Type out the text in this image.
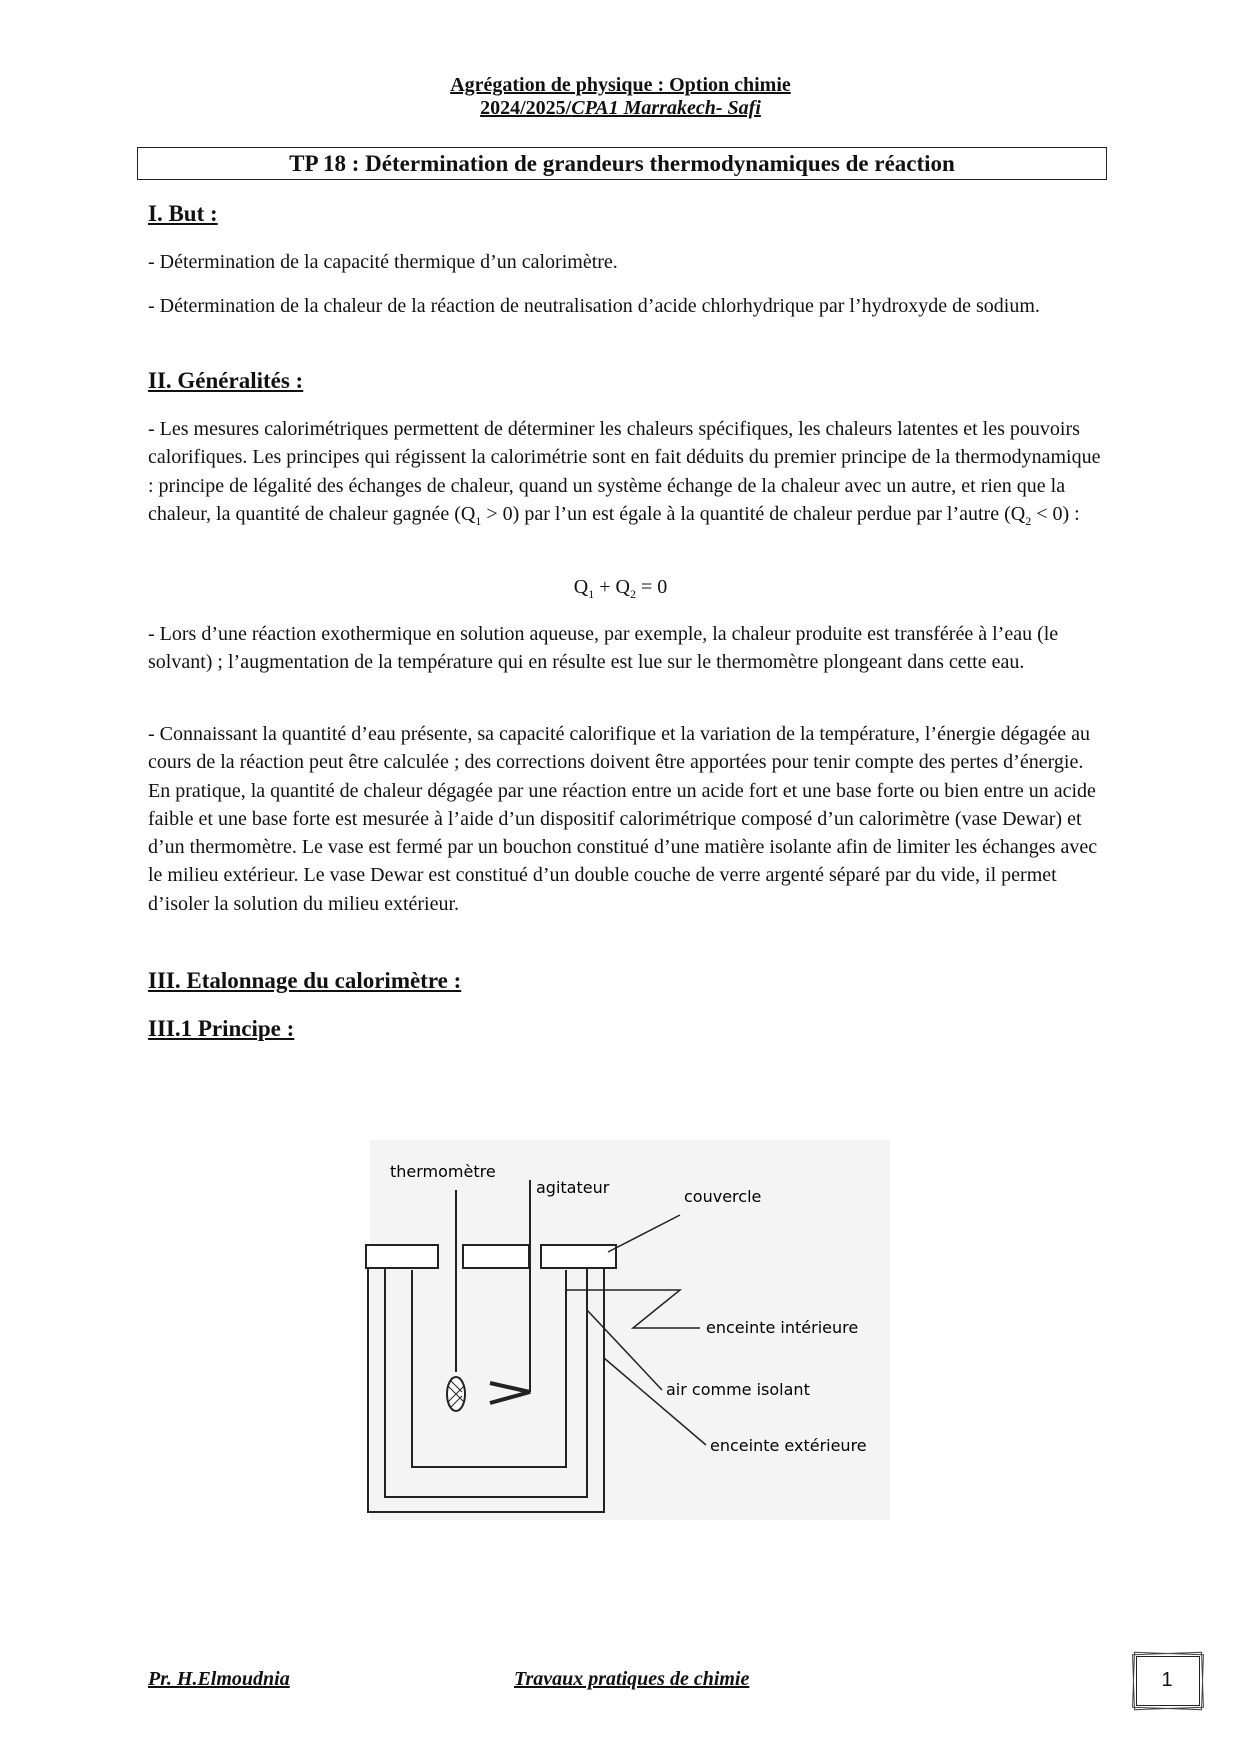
Agrégation de physique : Option chimie
2024/2025/CPA1 Marrakech- Safi
TP 18 : Détermination de grandeurs thermodynamiques de réaction
I. But :
- Détermination de la capacité thermique d’un calorimètre.
- Détermination de la chaleur de la réaction de neutralisation d’acide chlorhydrique par l’hydroxyde de sodium.
II. Généralités :
- Les mesures calorimétriques permettent de déterminer les chaleurs spécifiques, les chaleurs latentes et les pouvoirs calorifiques. Les principes qui régissent la calorimétrie sont en fait déduits du premier principe de la thermodynamique : principe de légalité des échanges de chaleur, quand un système échange de la chaleur avec un autre, et rien que la chaleur, la quantité de chaleur gagnée $(Q_1 > 0)$ par l’un est égale à la quantité de chaleur perdue par l’autre $(Q_2 < 0)$ :
$Q_1 + Q_2 = 0$
- Lors d’une réaction exothermique en solution aqueuse, par exemple, la chaleur produite est transférée à l’eau (le solvant) ; l’augmentation de la température qui en résulte est lue sur le thermomètre plongeant dans cette eau.
- Connaissant la quantité d’eau présente, sa capacité calorifique et la variation de la température, l’énergie dégagée au cours de la réaction peut être calculée ; des corrections doivent être apportées pour tenir compte des pertes d’énergie. En pratique, la quantité de chaleur dégagée par une réaction entre un acide fort et une base forte ou bien entre un acide faible et une base forte est mesurée à l’aide d’un dispositif calorimétrique composé d’un calorimètre (vase Dewar) et d’un thermomètre. Le vase est fermé par un bouchon constitué d’une matière isolante afin de limiter les échanges avec le milieu extérieur. Le vase Dewar est constitué d’un double couche de verre argenté séparé par du vide, il permet d’isoler la solution du milieu extérieur.
III. Etalonnage du calorimètre :
III.1 Principe :
thermomètre
agitateur	couvercle
enceinte intérieure
air comme isolant
enceinte extérieure
Pr. H.Elmoudnia	Travaux pratiques de chimie	1
